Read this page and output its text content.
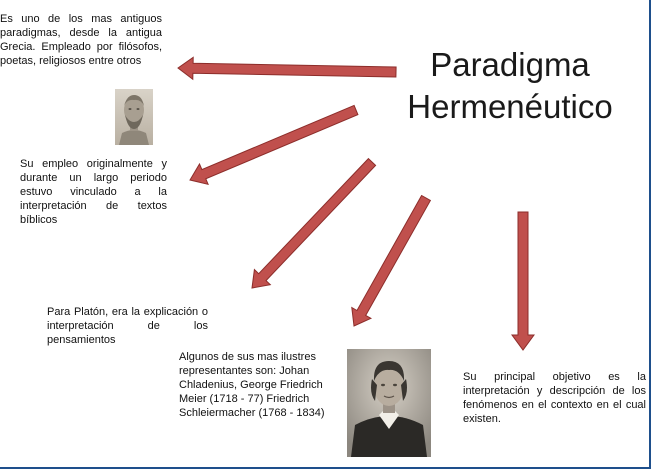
Paradigma
Hermenéutico
Es uno de los mas antiguos paradigmas, desde la antigua Grecia. Empleado por filósofos, poetas, religiosos entre otros
Su empleo originalmente y durante un largo periodo estuvo vinculado a la interpretación de textos bíblicos
Para Platón, era la explicación o interpretación de los pensamientos
Algunos de sus mas ilustres representantes son: Johan Chladenius, George Friedrich Meier (1718 - 77) Friedrich Schleiermacher (1768 - 1834)
Su principal objetivo es la interpretación y descripción de los fenómenos en el contexto en el cual existen.
